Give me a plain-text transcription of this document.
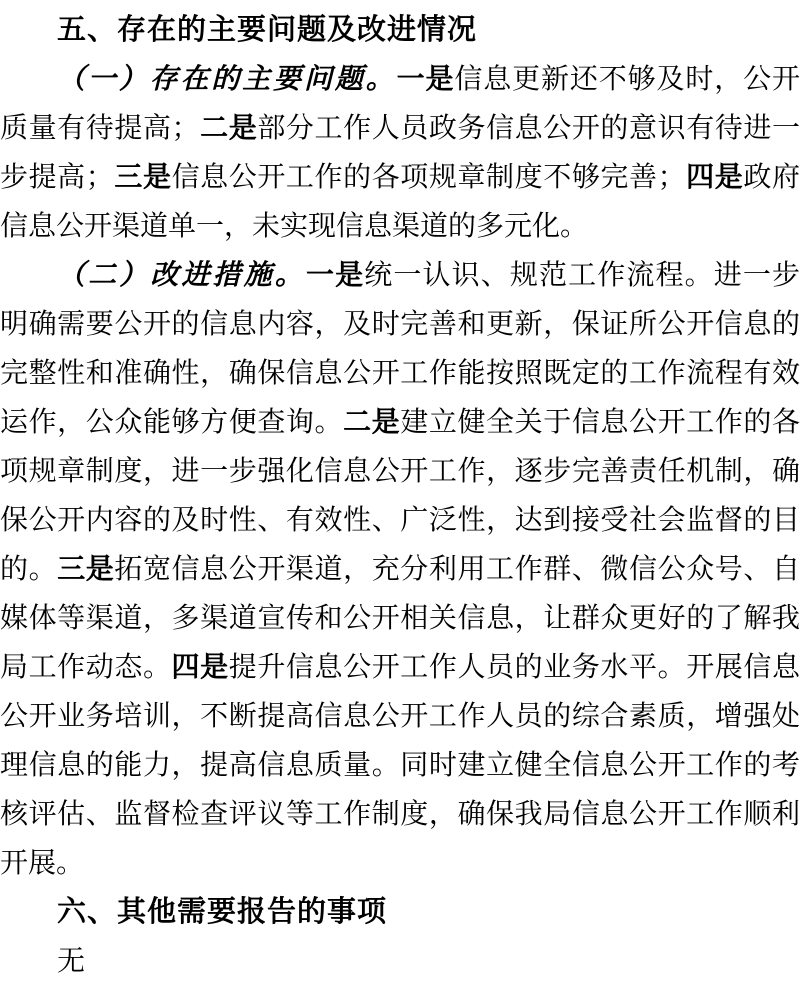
五、存在的主要问题及改进情况

（一）存在的主要问题。一是信息更新还不够及时，公开质量有待提高；二是部分工作人员政务信息公开的意识有待进一步提高；三是信息公开工作的各项规章制度不够完善；四是政府信息公开渠道单一，未实现信息渠道的多元化。

（二）改进措施。一是统一认识、规范工作流程。进一步明确需要公开的信息内容，及时完善和更新，保证所公开信息的完整性和准确性，确保信息公开工作能按照既定的工作流程有效运作，公众能够方便查询。二是建立健全关于信息公开工作的各项规章制度，进一步强化信息公开工作，逐步完善责任机制，确保公开内容的及时性、有效性、广泛性，达到接受社会监督的目的。三是拓宽信息公开渠道，充分利用工作群、微信公众号、自媒体等渠道，多渠道宣传和公开相关信息，让群众更好的了解我局工作动态。四是提升信息公开工作人员的业务水平。开展信息公开业务培训，不断提高信息公开工作人员的综合素质，增强处理信息的能力，提高信息质量。同时建立健全信息公开工作的考核评估、监督检查评议等工作制度，确保我局信息公开工作顺利开展。

六、其他需要报告的事项

无
